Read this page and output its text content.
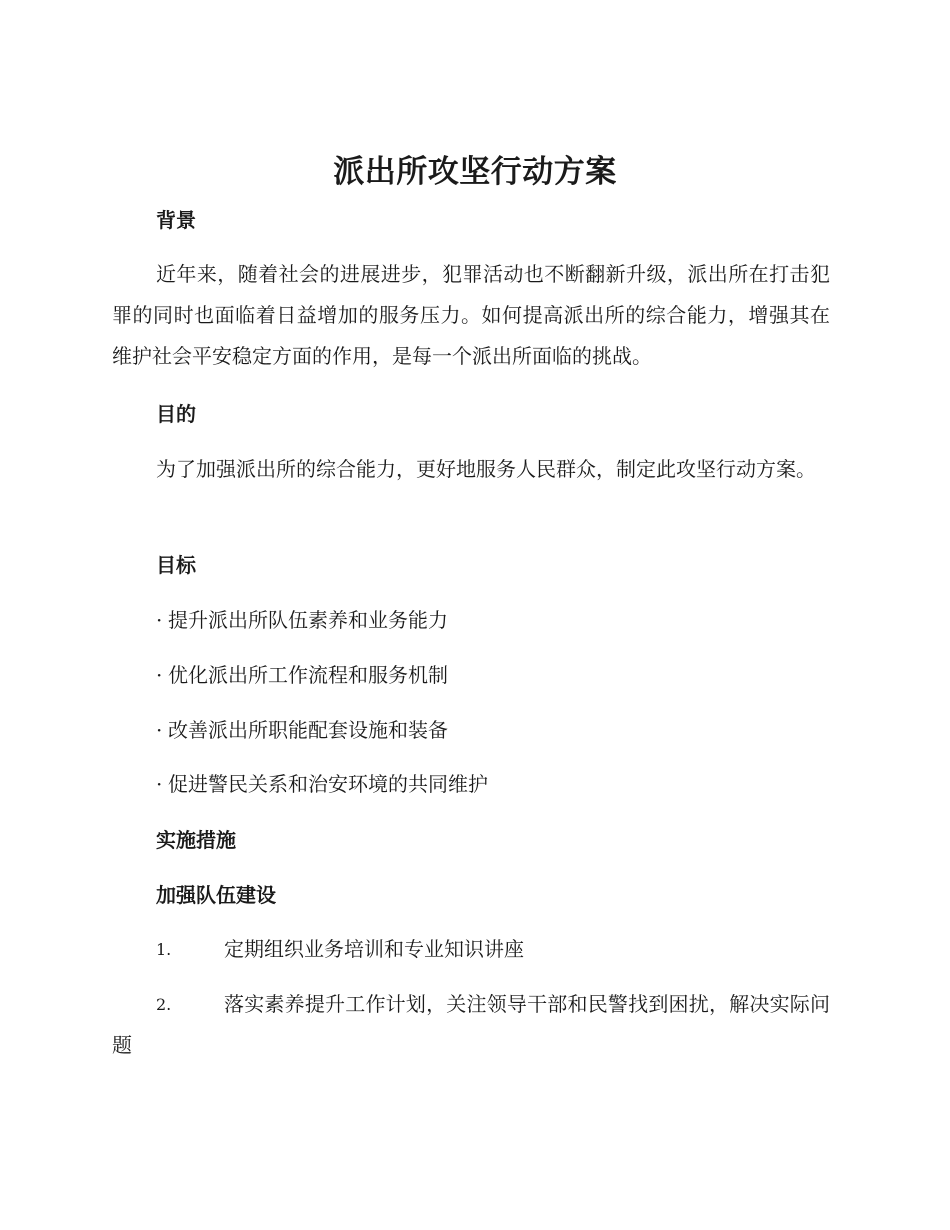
派出所攻坚行动方案
背景

近年来，随着社会的进展进步，犯罪活动也不断翻新升级，派出所在打击犯罪的同时也面临着日益增加的服务压力。如何提高派出所的综合能力，增强其在维护社会平安稳定方面的作用，是每一个派出所面临的挑战。

目的

为了加强派出所的综合能力，更好地服务人民群众，制定此攻坚行动方案。

目标

· 提升派出所队伍素养和业务能力

· 优化派出所工作流程和服务机制

· 改善派出所职能配套设施和装备

· 促进警民关系和治安环境的共同维护

实施措施
加强队伍建设

1.	定期组织业务培训和专业知识讲座

2.	落实素养提升工作计划，关注领导干部和民警找到困扰，解决实际问题
